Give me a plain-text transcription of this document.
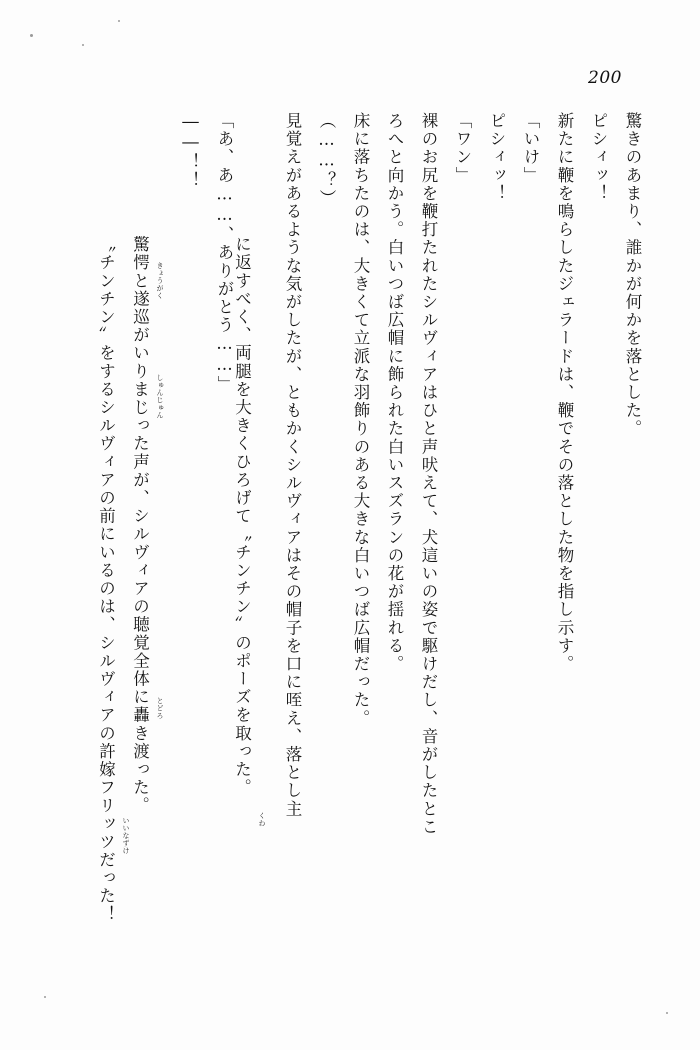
200
驚きのあまり、誰かが何かを落とした。
ピシィッ！
新たに鞭を鳴らしたジェラードは、鞭でその落とした物を指し示す。
「いけ」
ピシィッ！
「ワン」
裸のお尻を鞭打たれたシルヴィアはひと声吠えて、犬這いの姿で駆けだし、音がしたとこ
ろへと向かう。白いつば広帽に飾られた白いスズランの花が揺れる。
床に落ちたのは、大きくて立派な羽飾りのある大きな白いつば広帽だった。
（……？）
見覚えがあるような気がしたが、ともかくシルヴィアはその帽子を口に咥え、落とし主

に返すべく、両腿を大きくひろげて〝チンチン〟のポーズを取った。

くわ

「あ、あ……、ありがとう……」
――！！

驚愕と遂巡がいりまじった声が、シルヴィアの聴覚全体に轟き渡った。
きょうがく

しゅんじゅん

とどろ

〝チンチン〟をするシルヴィアの前にいるのは、シルヴィアの許嫁フリッツだった！
いいなずけ
